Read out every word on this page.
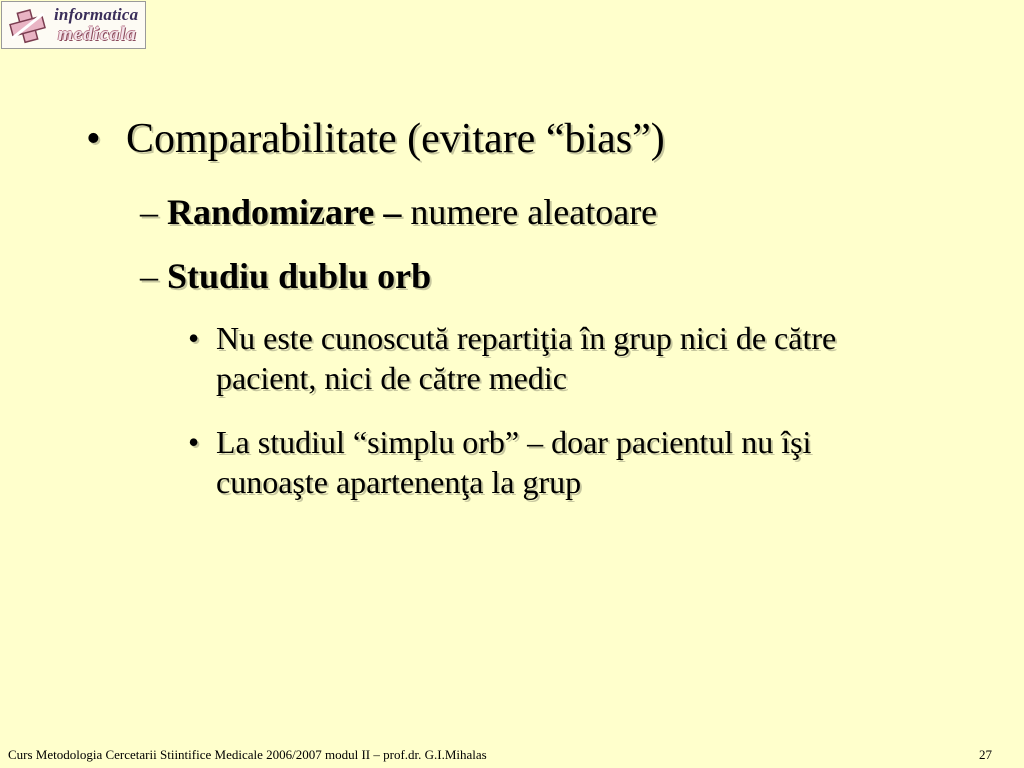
informatica
medicala
• Comparabilitate (evitare “bias”)
– Randomizare – numere aleatoare
– Studiu dublu orb
• Nu este cunoscută repartiţia în grup nici de către pacient, nici de către medic
• La studiul “simplu orb” – doar pacientul nu îşi cunoaşte apartenenţa la grup
Curs Metodologia Cercetarii Stiintifice Medicale 2006/2007 modul II – prof.dr. G.I.Mihalas	27
